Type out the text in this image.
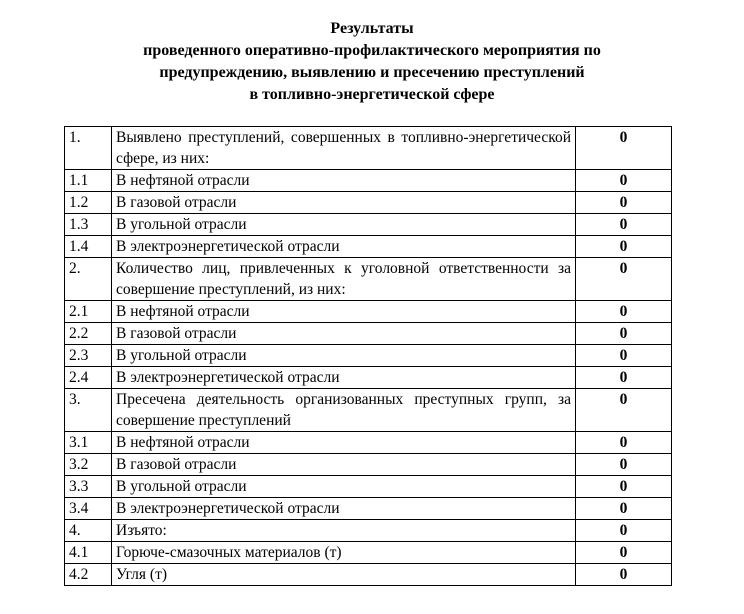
Результаты
проведенного оперативно-профилактического мероприятия по
предупреждению, выявлению и пресечению преступлений
в топливно-энергетической сфере
1.	Выявлено преступлений, совершенных в топливно-энергетической сфере, из них:	0
1.1	В нефтяной отрасли	0
1.2	В газовой отрасли	0
1.3	В угольной отрасли	0
1.4	В электроэнергетической отрасли	0
2.	Количество лиц, привлеченных к уголовной ответственности за совершение преступлений, из них:	0
2.1	В нефтяной отрасли	0
2.2	В газовой отрасли	0
2.3	В угольной отрасли	0
2.4	В электроэнергетической отрасли	0
3.	Пресечена деятельность организованных преступных групп, за совершение преступлений	0
3.1	В нефтяной отрасли	0
3.2	В газовой отрасли	0
3.3	В угольной отрасли	0
3.4	В электроэнергетической отрасли	0
4.	Изъято:	0
4.1	Горюче-смазочных материалов (т)	0
4.2	Угля (т)	0
